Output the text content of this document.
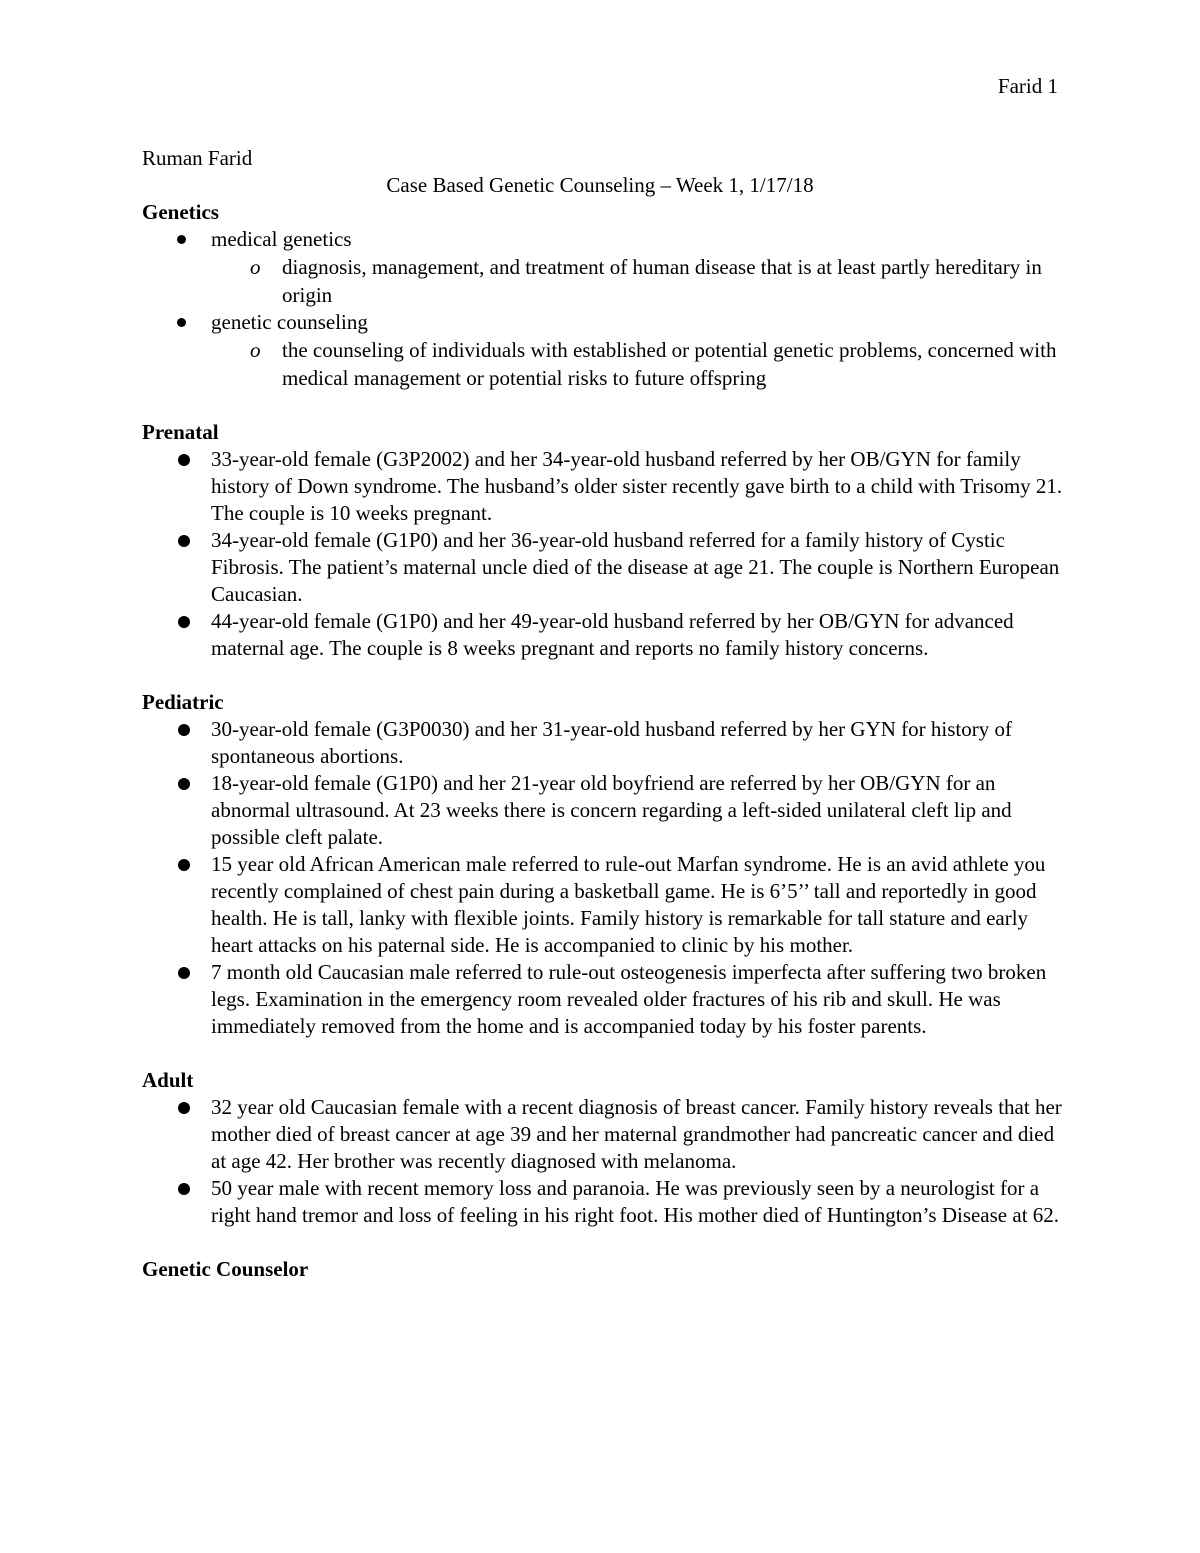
Farid 1
Ruman Farid
Case Based Genetic Counseling – Week 1, 1/17/18
Genetics
medical genetics
o diagnosis, management, and treatment of human disease that is at least partly hereditary in origin
genetic counseling
o the counseling of individuals with established or potential genetic problems, concerned with medical management or potential risks to future offspring
Prenatal
33-year-old female (G3P2002) and her 34-year-old husband referred by her OB/GYN for family history of Down syndrome. The husband’s older sister recently gave birth to a child with Trisomy 21. The couple is 10 weeks pregnant.
34-year-old female (G1P0) and her 36-year-old husband referred for a family history of Cystic Fibrosis. The patient’s maternal uncle died of the disease at age 21. The couple is Northern European Caucasian.
44-year-old female (G1P0) and her 49-year-old husband referred by her OB/GYN for advanced maternal age. The couple is 8 weeks pregnant and reports no family history concerns.
Pediatric
30-year-old female (G3P0030) and her 31-year-old husband referred by her GYN for history of spontaneous abortions.
18-year-old female (G1P0) and her 21-year old boyfriend are referred by her OB/GYN for an abnormal ultrasound. At 23 weeks there is concern regarding a left-sided unilateral cleft lip and possible cleft palate.
15 year old African American male referred to rule-out Marfan syndrome. He is an avid athlete you recently complained of chest pain during a basketball game. He is 6’5’’ tall and reportedly in good health. He is tall, lanky with flexible joints. Family history is remarkable for tall stature and early heart attacks on his paternal side. He is accompanied to clinic by his mother.
7 month old Caucasian male referred to rule-out osteogenesis imperfecta after suffering two broken legs. Examination in the emergency room revealed older fractures of his rib and skull. He was immediately removed from the home and is accompanied today by his foster parents.
Adult
32 year old Caucasian female with a recent diagnosis of breast cancer. Family history reveals that her mother died of breast cancer at age 39 and her maternal grandmother had pancreatic cancer and died at age 42. Her brother was recently diagnosed with melanoma.
50 year male with recent memory loss and paranoia. He was previously seen by a neurologist for a right hand tremor and loss of feeling in his right foot. His mother died of Huntington’s Disease at 62.
Genetic Counselor
